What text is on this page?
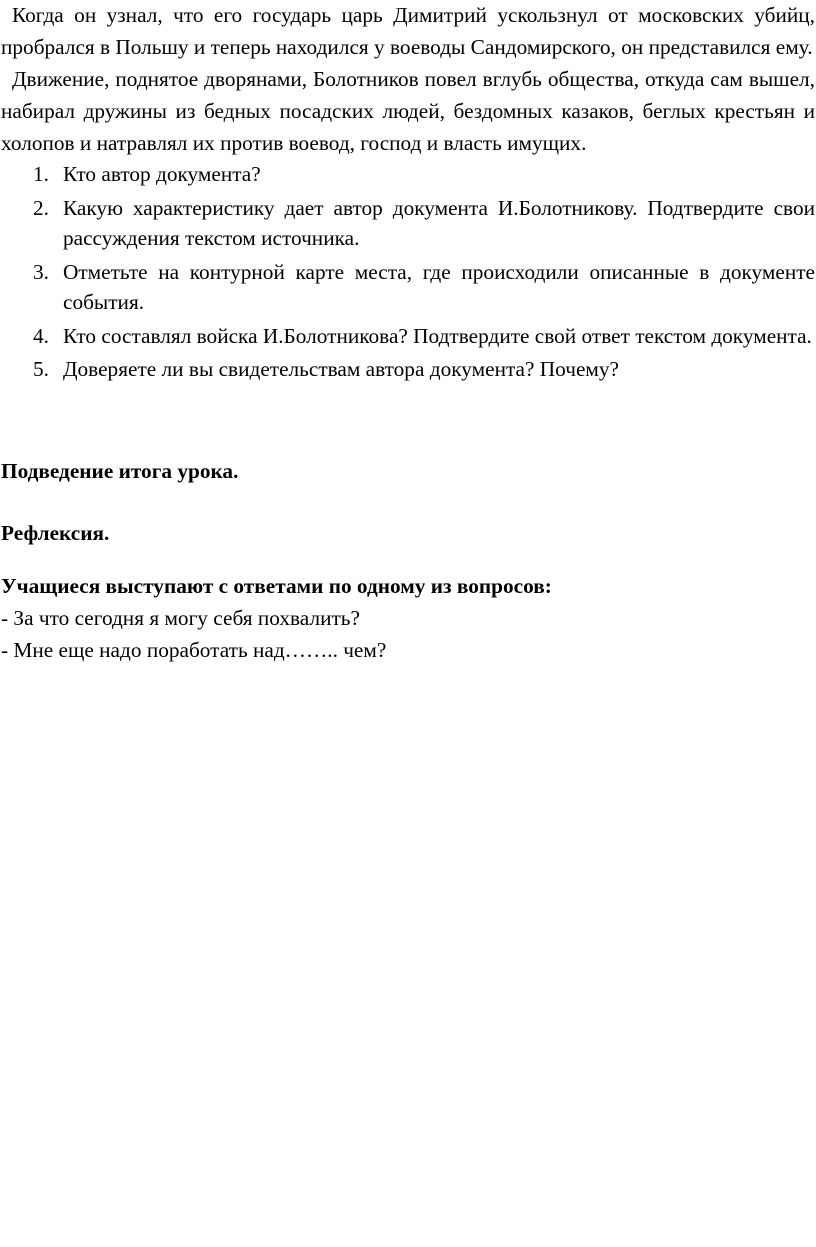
Когда он узнал, что его государь царь Димитрий ускользнул от московских убийц, пробрался в Польшу и теперь находился у воеводы Сандомирского, он представился ему.

Движение, поднятое дворянами, Болотников повел вглубь общества, откуда сам вышел, набирал дружины из бедных посадских людей, бездомных казаков, беглых крестьян и холопов и натравлял их против воевод, господ и власть имущих.

1. Кто автор документа?
2. Какую характеристику дает автор документа И.Болотникову. Подтвердите свои рассуждения текстом источника.
3. Отметьте на контурной карте места, где происходили описанные в документе события.
4. Кто составлял войска И.Болотникова? Подтвердите свой ответ текстом документа.
5. Доверяете ли вы свидетельствам автора документа? Почему?

Подведение итога урока.

Рефлексия.

Учащиеся выступают с ответами по одному из вопросов:

- За что сегодня я могу себя похвалить?

- Мне еще надо поработать над…….. чем?
